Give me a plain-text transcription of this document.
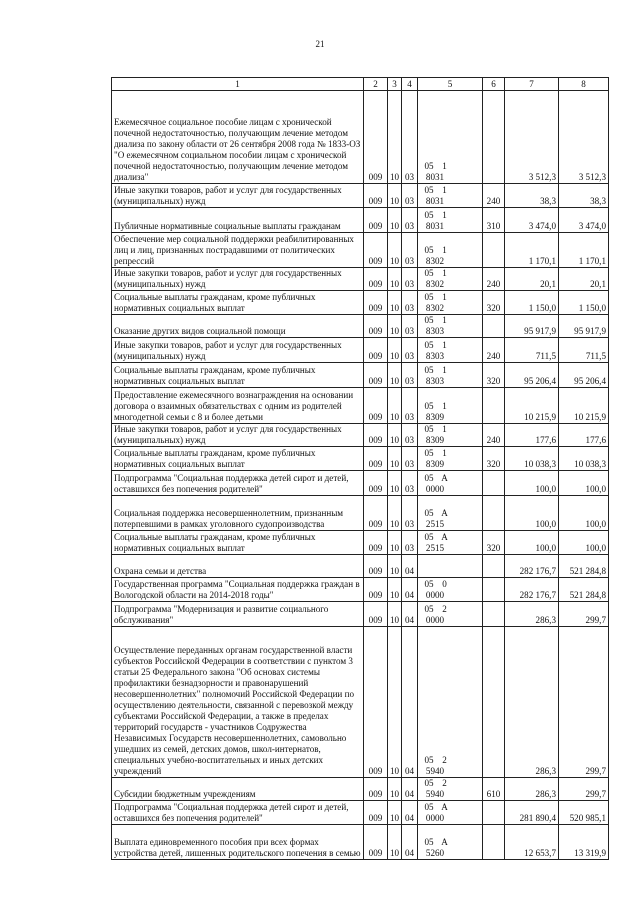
21
1	2	3	4	5	6	7	8
Ежемесячное социальное пособие лицам с хронической почечной недостаточностью, получающим лечение методом диализа по закону области от 26 сентября 2008 года № 1833-ОЗ "О ежемесячном социальном пособии лицам с хронической почечной недостаточностью, получающим лечение методом диализа"	009	10	03	05 18031		3 512,3	3 512,3
Иные закупки товаров, работ и услуг для государственных (муниципальных) нужд	009	10	03	05 18031	240	38,3	38,3
Публичные нормативные социальные выплаты гражданам	009	10	03	05 18031	310	3 474,0	3 474,0
Обеспечение мер социальной поддержки реабилитированных лиц и лиц, признанных пострадавшими от политических репрессий	009	10	03	05 18302		1 170,1	1 170,1
Иные закупки товаров, работ и услуг для государственных (муниципальных) нужд	009	10	03	05 18302	240	20,1	20,1
Социальные выплаты гражданам, кроме публичных нормативных социальных выплат	009	10	03	05 18302	320	1 150,0	1 150,0
Оказание других видов социальной помощи	009	10	03	05 18303		95 917,9	95 917,9
Иные закупки товаров, работ и услуг для государственных (муниципальных) нужд	009	10	03	05 18303	240	711,5	711,5
Социальные выплаты гражданам, кроме публичных нормативных социальных выплат	009	10	03	05 18303	320	95 206,4	95 206,4
Предоставление ежемесячного вознаграждения на основании договора о взаимных обязательствах с одним из родителей многодетной семьи с 8 и более детьми	009	10	03	05 18309		10 215,9	10 215,9
Иные закупки товаров, работ и услуг для государственных (муниципальных) нужд	009	10	03	05 18309	240	177,6	177,6
Социальные выплаты гражданам, кроме публичных нормативных социальных выплат	009	10	03	05 18309	320	10 038,3	10 038,3
Подпрограмма "Социальная поддержка детей сирот и детей, оставшихся без попечения родителей"	009	10	03	05 А0000		100,0	100,0
Социальная поддержка несовершеннолетним, признанным потерпевшими в рамках уголовного судопроизводства	009	10	03	05 А2515		100,0	100,0
Социальные выплаты гражданам, кроме публичных нормативных социальных выплат	009	10	03	05 А2515	320	100,0	100,0
Охрана семьи и детства	009	10	04			282 176,7	521 284,8
Государственная программа "Социальная поддержка граждан в Вологодской области на 2014-2018 годы"	009	10	04	05 00000		282 176,7	521 284,8
Подпрограмма "Модернизация и развитие социального обслуживания"	009	10	04	05 20000		286,3	299,7
Осуществление переданных органам государственной власти субъектов Российской Федерации в соответствии с пунктом 3 статьи 25 Федерального закона "Об основах системы профилактики безнадзорности и правонарушений несовершеннолетних" полномочий Российской Федерации по осуществлению деятельности, связанной с перевозкой между субъектами Российской Федерации, а также в пределах территорий государств - участников Содружества Независимых Государств несовершеннолетних, самовольно ушедших из семей, детских домов, школ-интернатов, специальных учебно-воспитательных и иных детских учреждений	009	10	04	05 25940		286,3	299,7
Субсидии бюджетным учреждениям	009	10	04	05 25940	610	286,3	299,7
Подпрограмма "Социальная поддержка детей сирот и детей, оставшихся без попечения родителей"	009	10	04	05 А0000		281 890,4	520 985,1
Выплата единовременного пособия при всех формах устройства детей, лишенных родительского попечения в семью	009	10	04	05 А5260		12 653,7	13 319,9
